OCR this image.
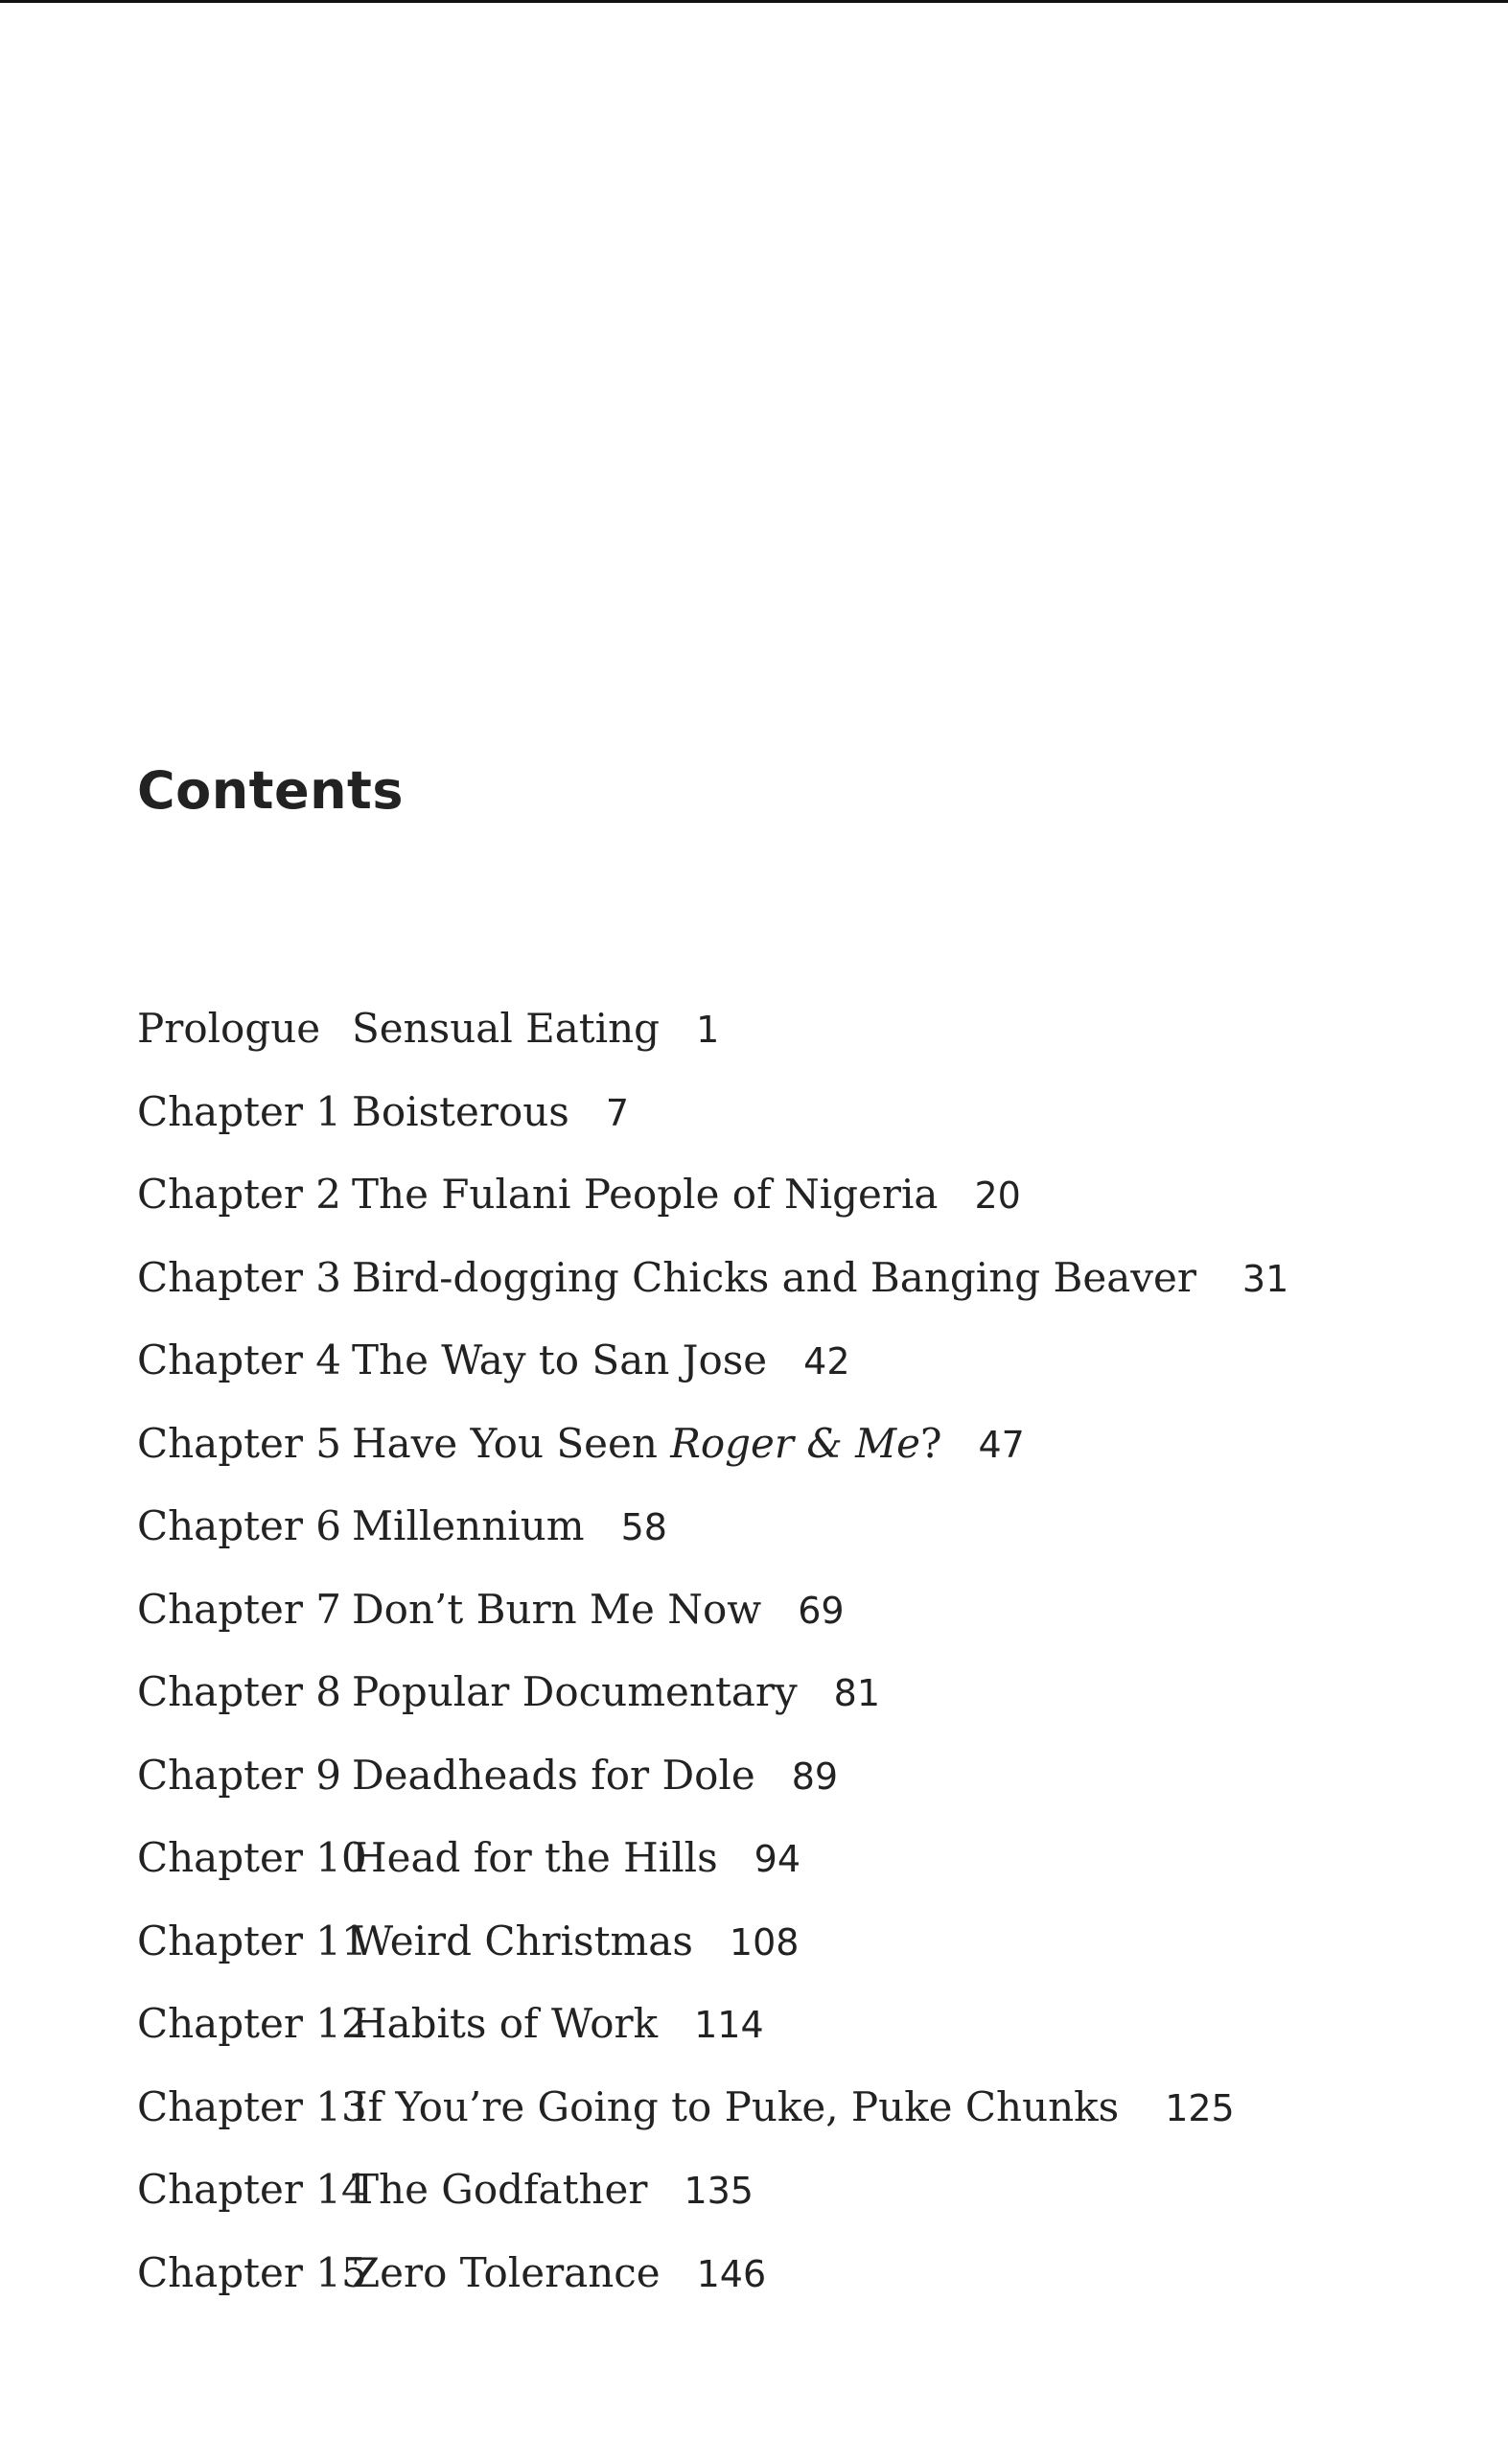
Contents
Prologue Sensual Eating 1
Chapter 1 Boisterous 7
Chapter 2 The Fulani People of Nigeria 20
Chapter 3 Bird-dogging Chicks and Banging Beaver 31
Chapter 4 The Way to San Jose 42
Chapter 5 Have You Seen Roger & Me? 47
Chapter 6 Millennium 58
Chapter 7 Don’t Burn Me Now 69
Chapter 8 Popular Documentary 81
Chapter 9 Deadheads for Dole 89
Chapter 10
Head for the Hills 94
Chapter 11
Weird Christmas 108
Chapter 12
Habits of Work 114
Chapter 13
If You’re Going to Puke, Puke Chunks 125
Chapter 14
The Godfather 135
Chapter 15
Zero Tolerance 146
